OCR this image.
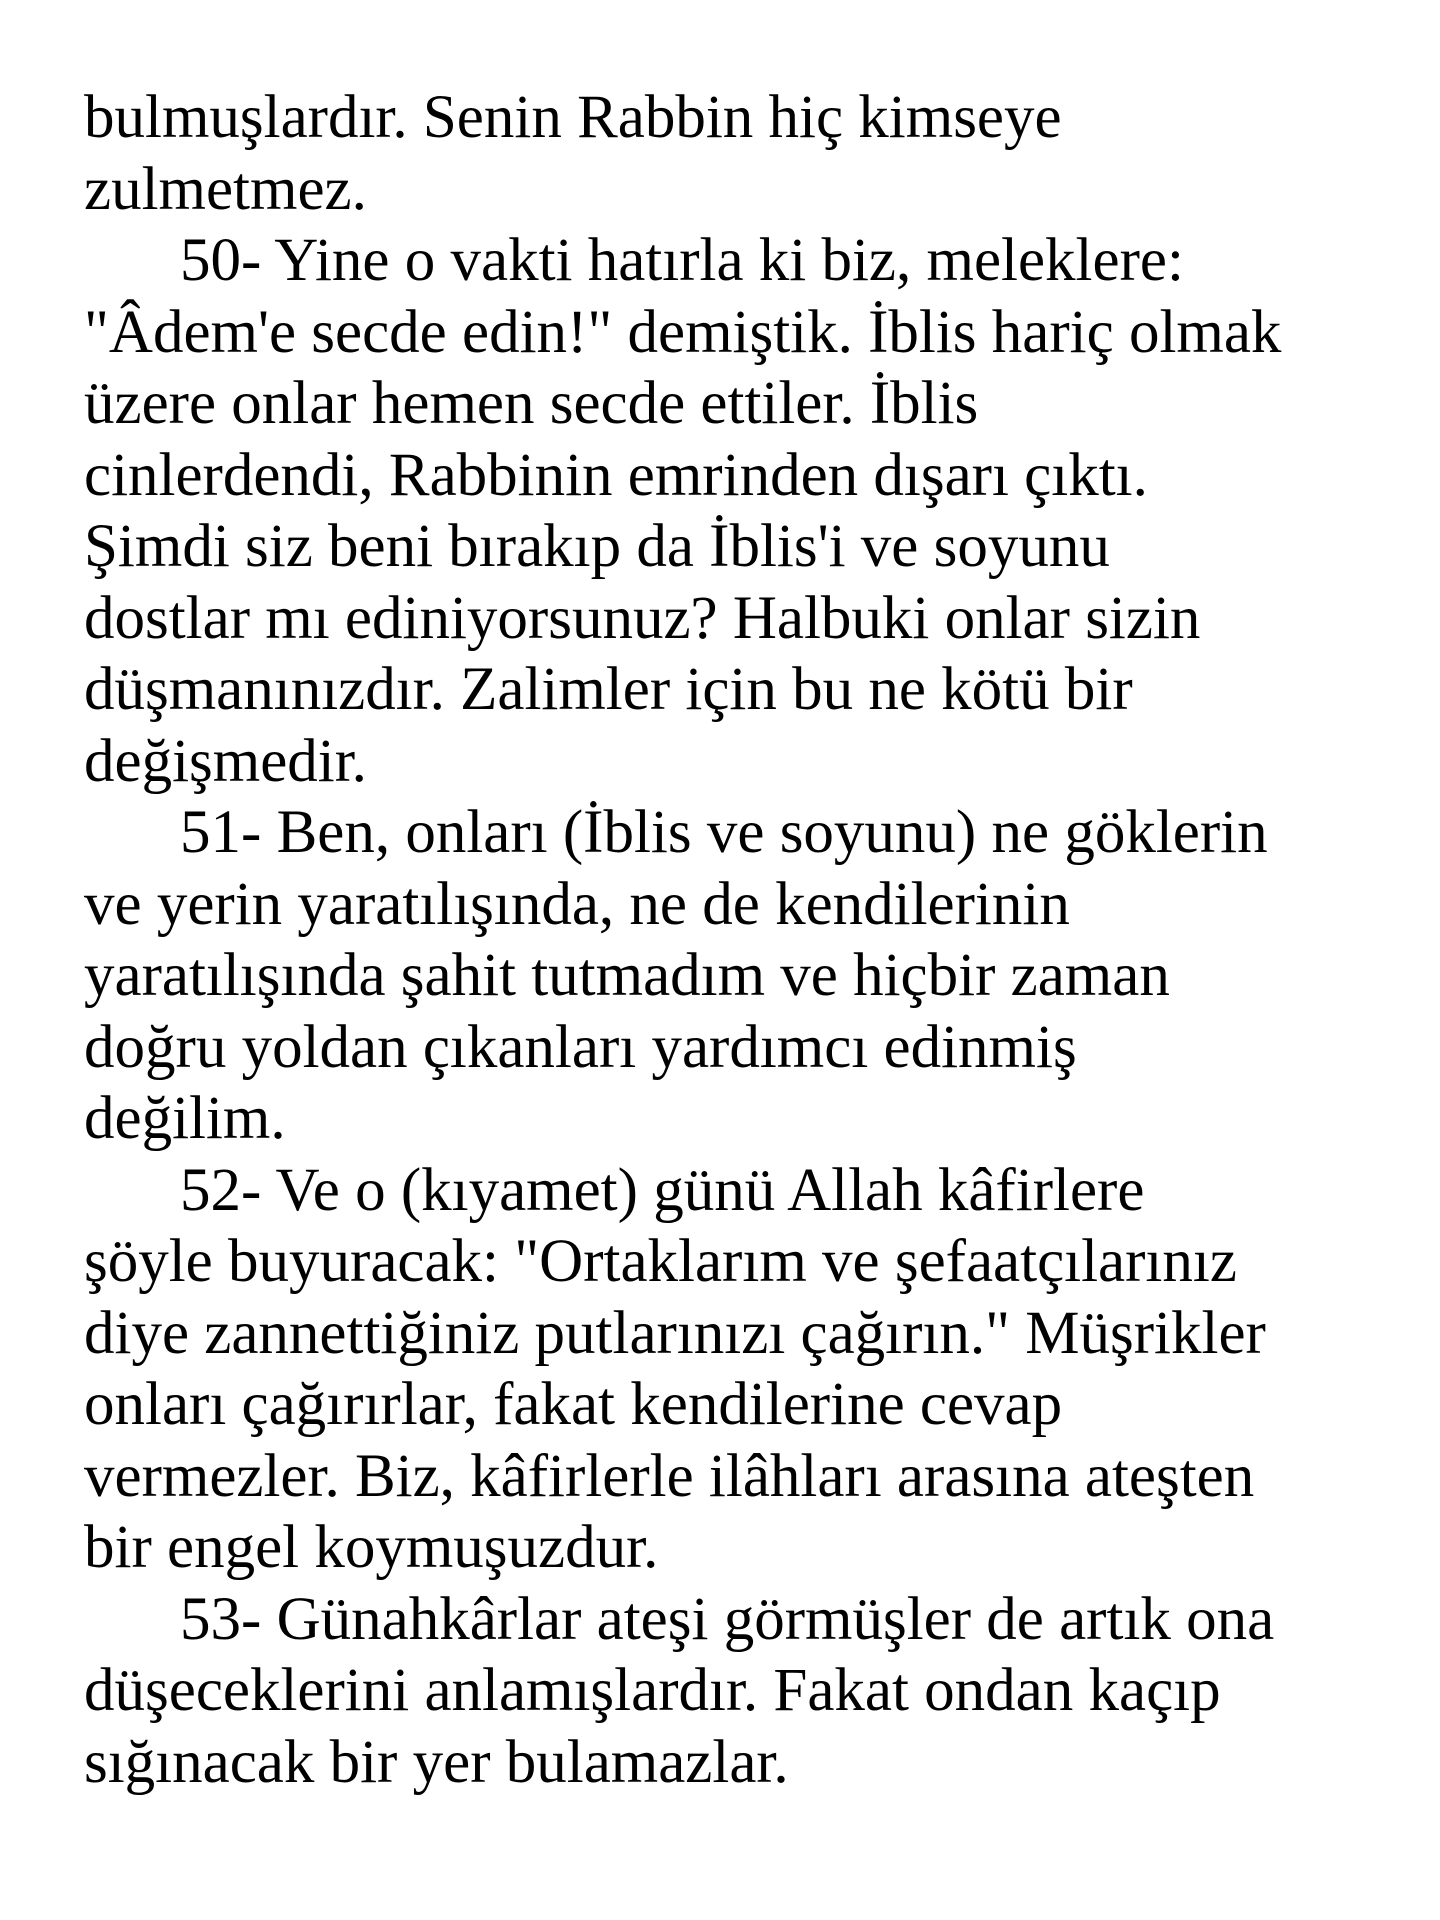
bulmuşlardır. Senin Rabbin hiç kimseye
zulmetmez.

50- Yine o vakti hatırla ki biz, meleklere:
"Âdem'e secde edin!" demiştik. İblis hariç olmak
üzere onlar hemen secde ettiler. İblis
cinlerdendi, Rabbinin emrinden dışarı çıktı.
Şimdi siz beni bırakıp da İblis'i ve soyunu
dostlar mı ediniyorsunuz? Halbuki onlar sizin
düşmanınızdır. Zalimler için bu ne kötü bir
değişmedir.

51- Ben, onları (İblis ve soyunu) ne göklerin
ve yerin yaratılışında, ne de kendilerinin
yaratılışında şahit tutmadım ve hiçbir zaman
doğru yoldan çıkanları yardımcı edinmiş
değilim.

52- Ve o (kıyamet) günü Allah kâfirlere
şöyle buyuracak: "Ortaklarım ve şefaatçılarınız
diye zannettiğiniz putlarınızı çağırın." Müşrikler
onları çağırırlar, fakat kendilerine cevap
vermezler. Biz, kâfirlerle ilâhları arasına ateşten
bir engel koymuşuzdur.

53- Günahkârlar ateşi görmüşler de artık ona
düşeceklerini anlamışlardır. Fakat ondan kaçıp
sığınacak bir yer bulamazlar.
